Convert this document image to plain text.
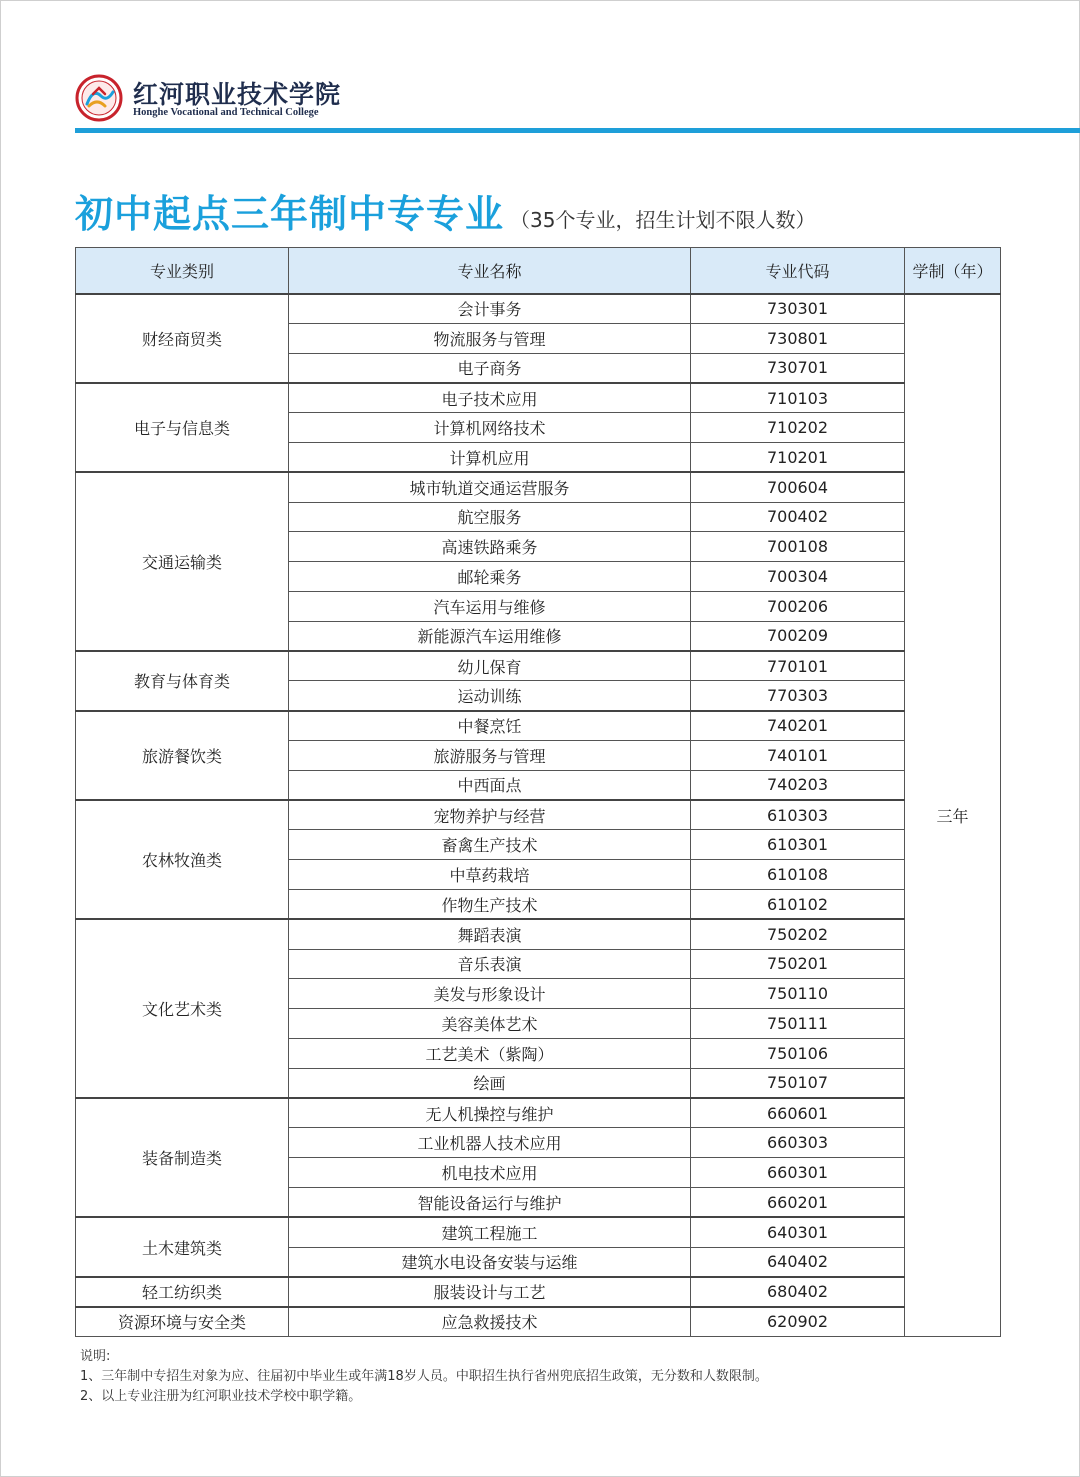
红河职业技术学院
Honghe Vocational and Technical College
初中起点三年制中专专业 （35个专业，招生计划不限人数）
专业类别	专业名称	专业代码	学制（年）
财经商贸类	会计事务	730301	三年
	物流服务与管理	730801	
	电子商务	730701	
电子与信息类	电子技术应用	710103	
	计算机网络技术	710202	
	计算机应用	710201	
交通运输类	城市轨道交通运营服务	700604	
	航空服务	700402	
	高速铁路乘务	700108	
	邮轮乘务	700304	
	汽车运用与维修	700206	
	新能源汽车运用维修	700209	
教育与体育类	幼儿保育	770101	
	运动训练	770303	
旅游餐饮类	中餐烹饪	740201	
	旅游服务与管理	740101	
	中西面点	740203	
农林牧渔类	宠物养护与经营	610303	
	畜禽生产技术	610301	
	中草药栽培	610108	
	作物生产技术	610102	
文化艺术类	舞蹈表演	750202	
	音乐表演	750201	
	美发与形象设计	750110	
	美容美体艺术	750111	
	工艺美术（紫陶）	750106	
	绘画	750107	
装备制造类	无人机操控与维护	660601	
	工业机器人技术应用	660303	
	机电技术应用	660301	
	智能设备运行与维护	660201	
土木建筑类	建筑工程施工	640301	
	建筑水电设备安装与运维	640402	
轻工纺织类	服装设计与工艺	680402	
资源环境与安全类	应急救援技术	620902	
说明:
1、三年制中专招生对象为应、往届初中毕业生或年满18岁人员。中职招生执行省州兜底招生政策，无分数和人数限制。
2、以上专业注册为红河职业技术学校中职学籍。
